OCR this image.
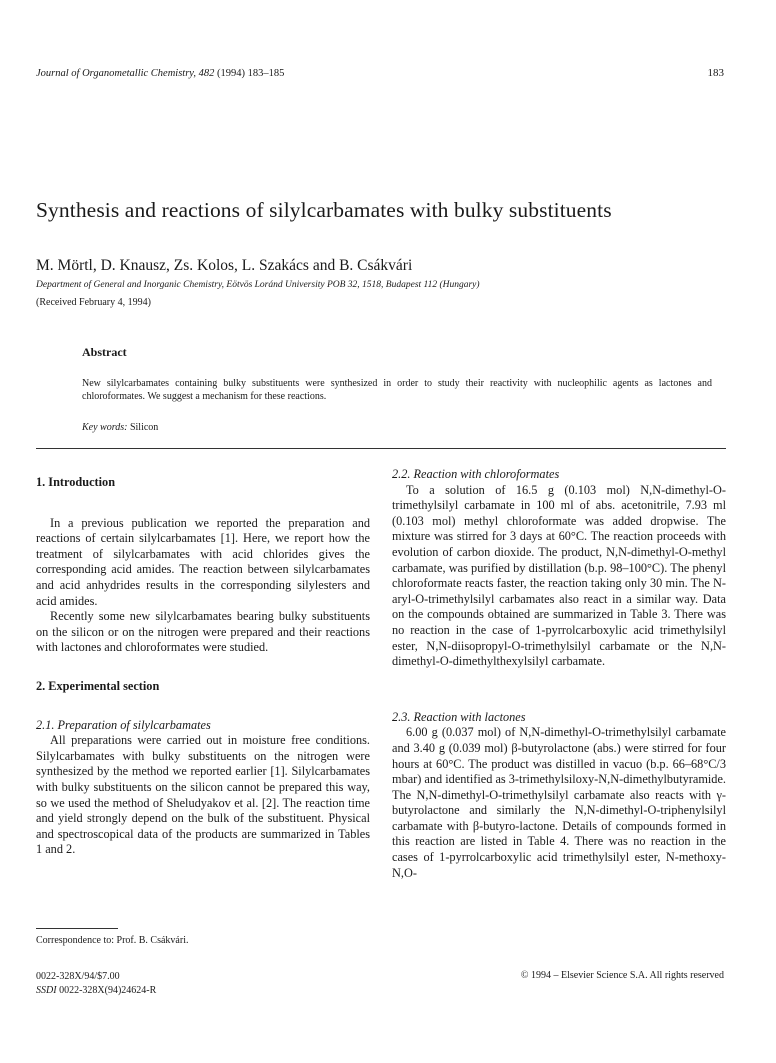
Journal of Organometallic Chemistry, 482 (1994) 183–185	183
Synthesis and reactions of silylcarbamates with bulky substituents
M. Mörtl, D. Knausz, Zs. Kolos, L. Szakács and B. Csákvári
Department of General and Inorganic Chemistry, Eötvös Loránd University POB 32, 1518, Budapest 112 (Hungary)
(Received February 4, 1994)
Abstract
New silylcarbamates containing bulky substituents were synthesized in order to study their reactivity with nucleophilic agents as lactones and chloroformates. We suggest a mechanism for these reactions.
Key words: Silicon
1. Introduction

In a previous publication we reported the preparation and reactions of certain silylcarbamates [1]. Here, we report how the treatment of silylcarbamates with acid chlorides gives the corresponding acid amides. The reaction between silylcarbamates and acid anhydrides results in the corresponding silylesters and acid amides.

Recently some new silylcarbamates bearing bulky substituents on the silicon or on the nitrogen were prepared and their reactions with lactones and chloroformates were studied.

2. Experimental section
2.1. Preparation of silylcarbamates

All preparations were carried out in moisture free conditions. Silylcarbamates with bulky substituents on the nitrogen were synthesized by the method we reported earlier [1]. Silylcarbamates with bulky substituents on the silicon cannot be prepared this way, so we used the method of Sheludyakov et al. [2]. The reaction time and yield strongly depend on the bulk of the substituent. Physical and spectroscopical data of the products are summarized in Tables 1 and 2.

2.2. Reaction with chloroformates

To a solution of 16.5 g (0.103 mol) N,N-dimethyl-O-trimethylsilyl carbamate in 100 ml of abs. acetonitrile, 7.93 ml (0.103 mol) methyl chloroformate was added dropwise. The mixture was stirred for 3 days at 60°C. The reaction proceeds with evolution of carbon dioxide. The product, N,N-dimethyl-O-methyl carbamate, was purified by distillation (b.p. 98–100°C). The phenyl chloroformate reacts faster, the reaction taking only 30 min. The N-aryl-O-trimethylsilyl carbamates also react in a similar way. Data on the compounds obtained are summarized in Table 3. There was no reaction in the case of 1-pyrrolcarboxylic acid trimethylsilyl ester, N,N-diisopropyl-O-trimethylsilyl carbamate or the N,N-dimethyl-O-dimethylthexylsilyl carbamate.

2.3. Reaction with lactones

6.00 g (0.037 mol) of N,N-dimethyl-O-trimethylsilyl carbamate and 3.40 g (0.039 mol) β-butyrolactone (abs.) were stirred for four hours at 60°C. The product was distilled in vacuo (b.p. 66–68°C/3 mbar) and identified as 3-trimethylsiloxy-N,N-dimethylbutyramide. The N,N-dimethyl-O-trimethylsilyl carbamate also reacts with γ-butyrolactone and similarly the N,N-dimethyl-O-triphenylsilyl carbamate with β-butyro-lactone. Details of compounds formed in this reaction are listed in Table 4. There was no reaction in the cases of 1-pyrrolcarboxylic acid trimethylsilyl ester, N-methoxy-N,O-

Correspondence to: Prof. B. Csákvári.
0022-328X/94/$7.00
SSDI 0022-328X(94)24624-R
© 1994 – Elsevier Science S.A. All rights reserved
